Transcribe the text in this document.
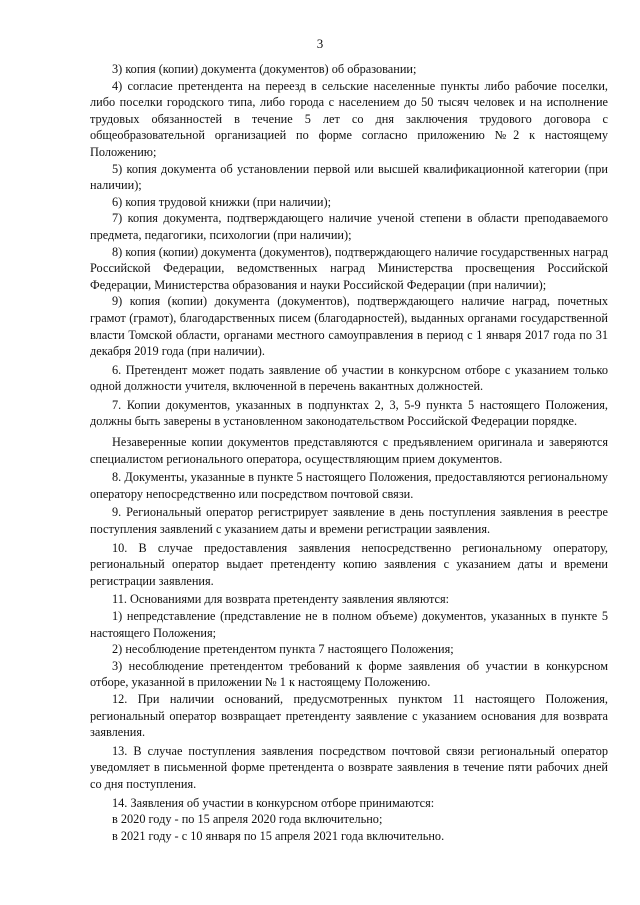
3

3) копия (копии) документа (документов) об образовании;

4) согласие претендента на переезд в сельские населенные пункты либо рабочие поселки, либо поселки городского типа, либо города с населением до 50 тысяч человек и на исполнение трудовых обязанностей в течение 5 лет со дня заключения трудового договора с общеобразовательной организацией по форме согласно приложению №2 к настоящему Положению;

5) копия документа об установлении первой или высшей квалификационной категории (при наличии);

6) копия трудовой книжки (при наличии);

7) копия документа, подтверждающего наличие ученой степени в области преподаваемого предмета, педагогики, психологии (при наличии);

8) копия (копии) документа (документов), подтверждающего наличие государственных наград Российской Федерации, ведомственных наград Министерства просвещения Российской Федерации, Министерства образования и науки Российской Федерации (при наличии);

9) копия (копии) документа (документов), подтверждающего наличие наград, почетных грамот (грамот), благодарственных писем (благодарностей), выданных органами государственной власти Томской области, органами местного самоуправления в период с 1 января 2017 года по 31 декабря 2019 года (при наличии).

6. Претендент может подать заявление об участии в конкурсном отборе с указанием только одной должности учителя, включенной в перечень вакантных должностей.

7. Копии документов, указанных в подпунктах 2, 3, 5-9 пункта 5 настоящего Положения, должны быть заверены в установленном законодательством Российской Федерации порядке.

Незаверенные копии документов представляются с предъявлением оригинала и заверяются специалистом регионального оператора, осуществляющим прием документов.

8. Документы, указанные в пункте 5 настоящего Положения, предоставляются региональному оператору непосредственно или посредством почтовой связи.

9. Региональный оператор регистрирует заявление в день поступления заявления в реестре поступления заявлений с указанием даты и времени регистрации заявления.

10. В случае предоставления заявления непосредственно региональному оператору, региональный оператор выдает претенденту копию заявления с указанием даты и времени регистрации заявления.

11. Основаниями для возврата претенденту заявления являются:

1) непредставление (представление не в полном объеме) документов, указанных в пункте 5 настоящего Положения;

2) несоблюдение претендентом пункта 7 настоящего Положения;

3) несоблюдение претендентом требований к форме заявления об участии в конкурсном отборе, указанной в приложении № 1 к настоящему Положению.

12. При наличии оснований, предусмотренных пунктом 11 настоящего Положения, региональный оператор возвращает претенденту заявление с указанием основания для возврата заявления.

13. В случае поступления заявления посредством почтовой связи региональный оператор уведомляет в письменной форме претендента о возврате заявления в течение пяти рабочих дней со дня поступления.

14. Заявления об участии в конкурсном отборе принимаются:

в 2020 году - по 15 апреля 2020 года включительно;

в 2021 году - с 10 января по 15 апреля 2021 года включительно.
